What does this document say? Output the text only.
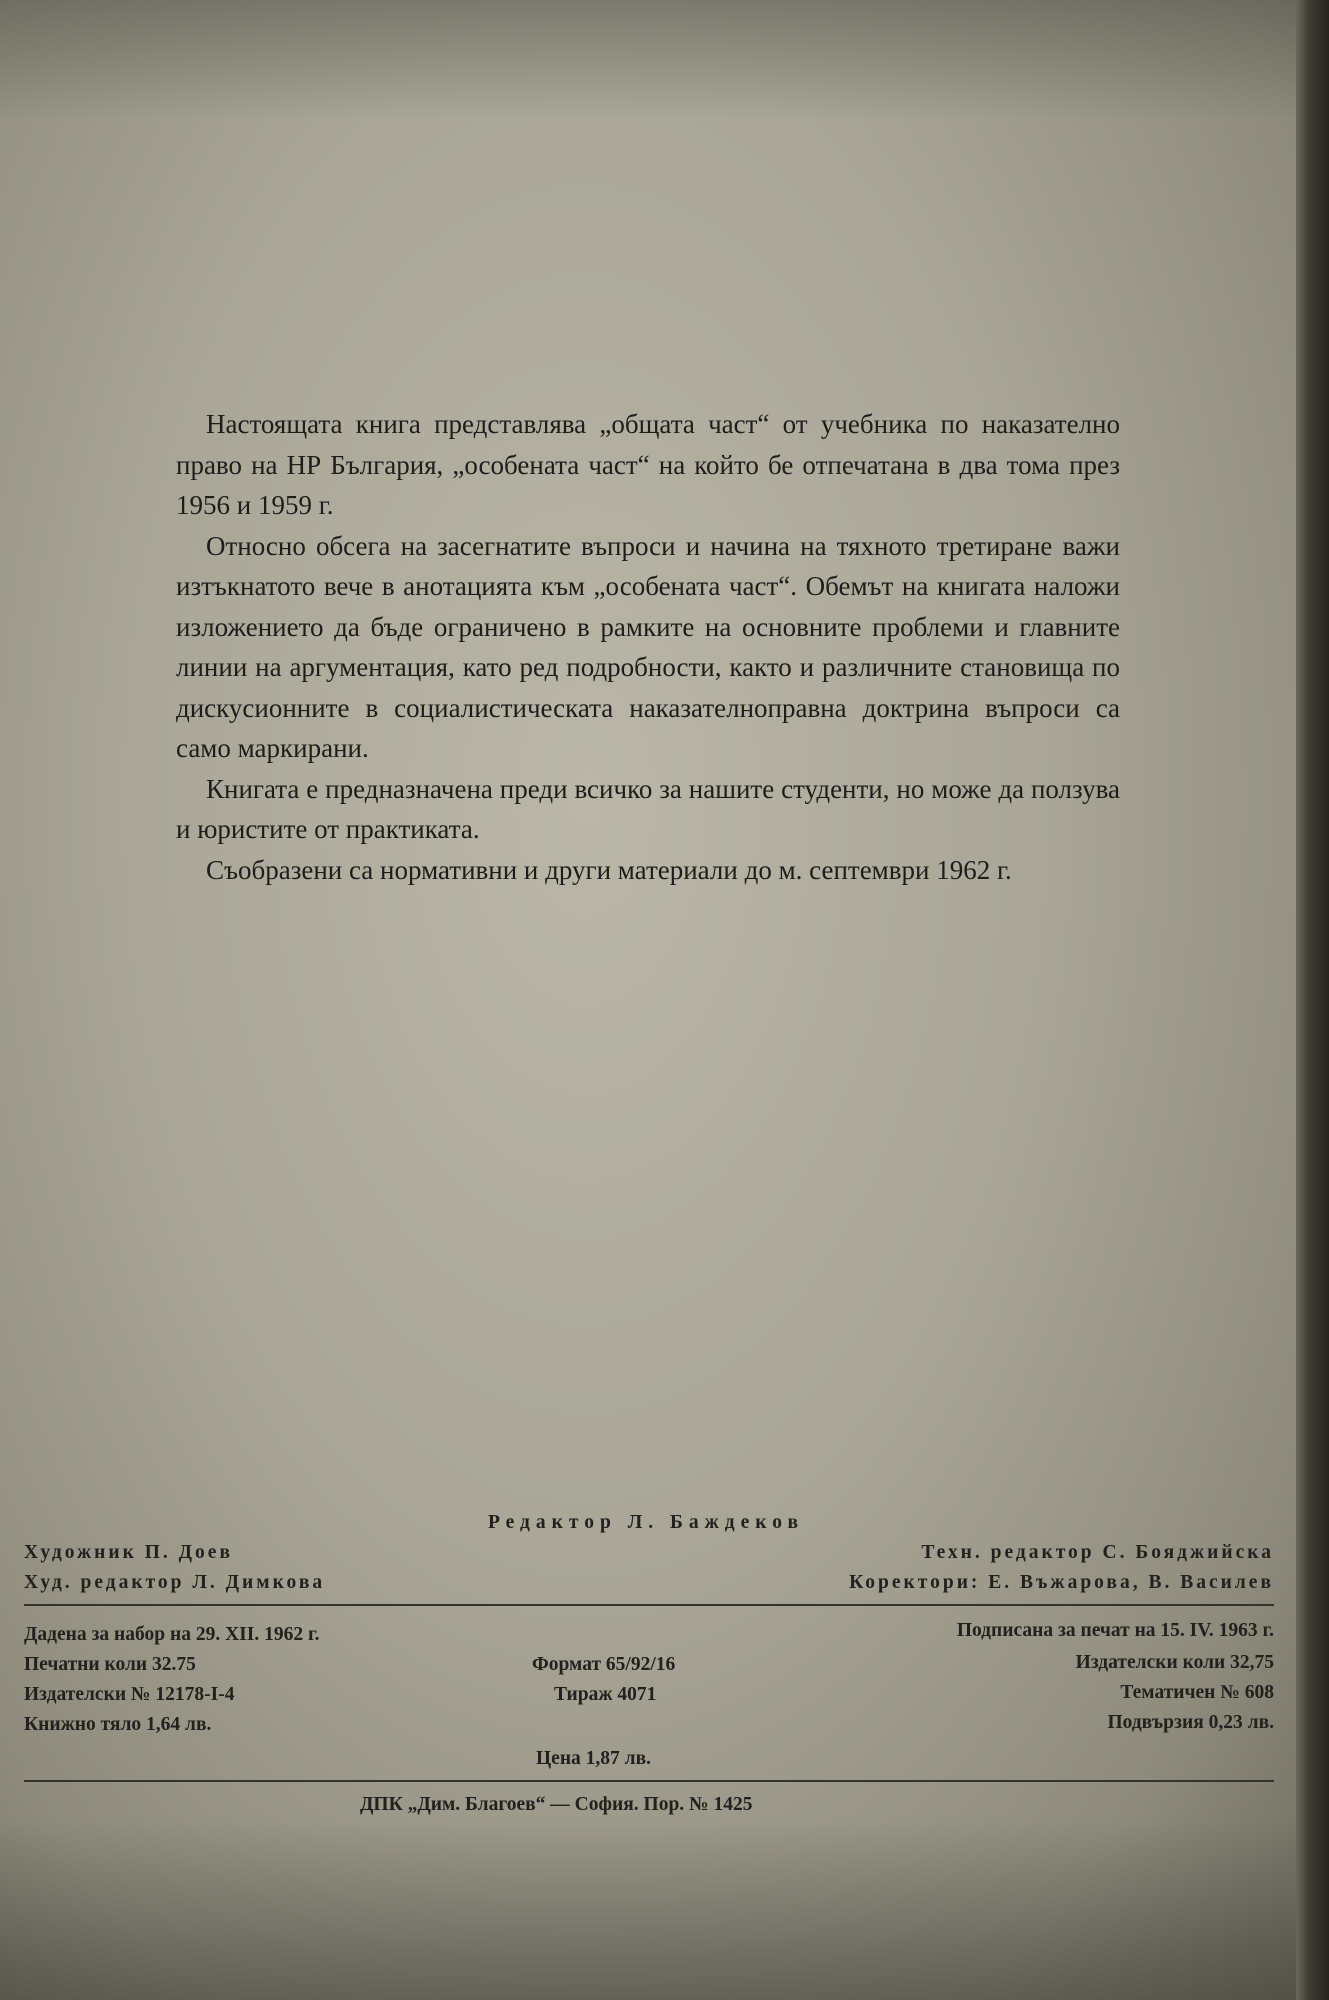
Настоящата книга представлява „общата част“ от учебника по наказателно право на НР България, „особената част“ на който бе отпечатана в два тома през 1956 и 1959 г.

Относно обсега на засегнатите въпроси и начина на тяхното третиране важи изтъкнатото вече в анотацията към „особената част“. Обемът на книгата наложи изложението да бъде ограничено в рамките на основните проблеми и главните линии на аргументация, като ред подробности, както и различните становища по дискусионните в социалистическата наказателноправна доктрина въпроси са само маркирани.

Книгата е предназначена преди всичко за нашите студенти, но може да ползува и юристите от практиката.

Съобразени са нормативни и други материали до м. септември 1962 г.

Редактор Л. Баждеков
Художник П. Доев	Техн. редактор С. Бояджийска
Худ. редактор Л. Димкова	Коректори: Е. Въжарова, В. Василев
Дадена за набор на 29. XII. 1962 г.	Подписана за печат на 15. IV. 1963 г.
Печатни коли 32.75	Формат 65/92/16	Издателски коли 32,75
Издателски № 12178-I-4	Тираж 4071	Тематичен № 608
Книжно тяло 1,64 лв.	Подвързия 0,23 лв.
Цена 1,87 лв.
ДПК „Дим. Благоев“ — София. Пор. № 1425
